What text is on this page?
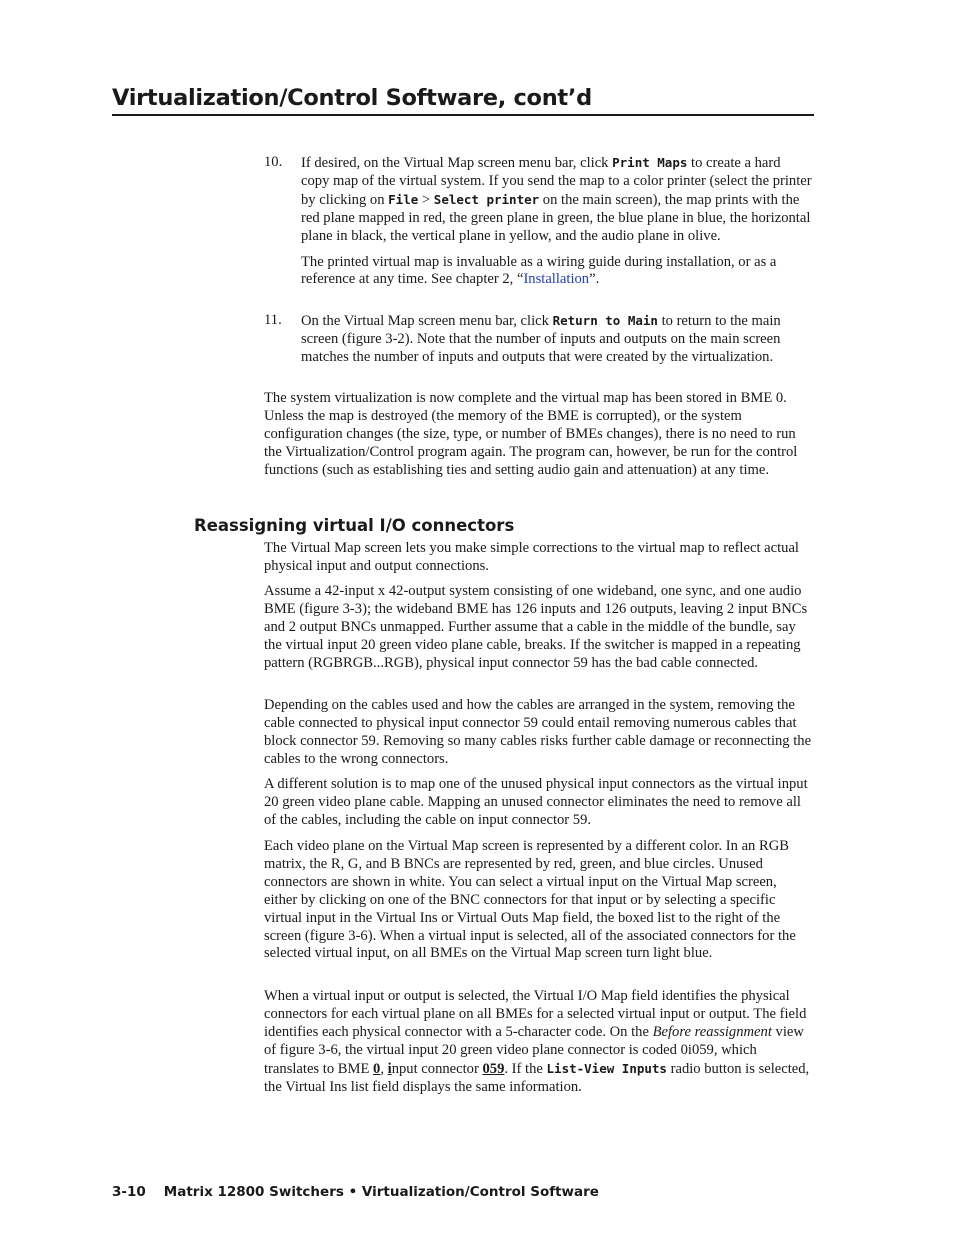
Virtualization/Control Software, cont’d
10. If desired, on the Virtual Map screen menu bar, click Print Maps to create a hard copy map of the virtual system. If you send the map to a color printer (select the printer by clicking on File > Select printer on the main screen), the map prints with the red plane mapped in red, the green plane in green, the blue plane in blue, the horizontal plane in black, the vertical plane in yellow, and the audio plane in olive.

The printed virtual map is invaluable as a wiring guide during installation, or as a reference at any time. See chapter 2, “Installation”.

11. On the Virtual Map screen menu bar, click Return to Main to return to the main screen (figure 3-2). Note that the number of inputs and outputs on the main screen matches the number of inputs and outputs that were created by the virtualization.

The system virtualization is now complete and the virtual map has been stored in BME 0. Unless the map is destroyed (the memory of the BME is corrupted), or the system configuration changes (the size, type, or number of BMEs changes), there is no need to run the Virtualization/Control program again. The program can, however, be run for the control functions (such as establishing ties and setting audio gain and attenuation) at any time.

Reassigning virtual I/O connectors

The Virtual Map screen lets you make simple corrections to the virtual map to reflect actual physical input and output connections.

Assume a 42-input x 42-output system consisting of one wideband, one sync, and one audio BME (figure 3-3); the wideband BME has 126 inputs and 126 outputs, leaving 2 input BNCs and 2 output BNCs unmapped. Further assume that a cable in the middle of the bundle, say the virtual input 20 green video plane cable, breaks. If the switcher is mapped in a repeating pattern (RGBRGB...RGB), physical input connector 59 has the bad cable connected.

Depending on the cables used and how the cables are arranged in the system, removing the cable connected to physical input connector 59 could entail removing numerous cables that block connector 59. Removing so many cables risks further cable damage or reconnecting the cables to the wrong connectors.

A different solution is to map one of the unused physical input connectors as the virtual input 20 green video plane cable. Mapping an unused connector eliminates the need to remove all of the cables, including the cable on input connector 59.

Each video plane on the Virtual Map screen is represented by a different color. In an RGB matrix, the R, G, and B BNCs are represented by red, green, and blue circles. Unused connectors are shown in white. You can select a virtual input on the Virtual Map screen, either by clicking on one of the BNC connectors for that input or by selecting a specific virtual input in the Virtual Ins or Virtual Outs Map field, the boxed list to the right of the screen (figure 3-6). When a virtual input is selected, all of the associated connectors for the selected virtual input, on all BMEs on the Virtual Map screen turn light blue.

When a virtual input or output is selected, the Virtual I/O Map field identifies the physical connectors for each virtual plane on all BMEs for a selected virtual input or output. The field identifies each physical connector with a 5-character code. On the Before reassignment view of figure 3-6, the virtual input 20 green video plane connector is coded 0i059, which translates to BME 0, input connector 059. If the List-View Inputs radio button is selected, the Virtual Ins list field displays the same information.

3-10 Matrix 12800 Switchers • Virtualization/Control Software
